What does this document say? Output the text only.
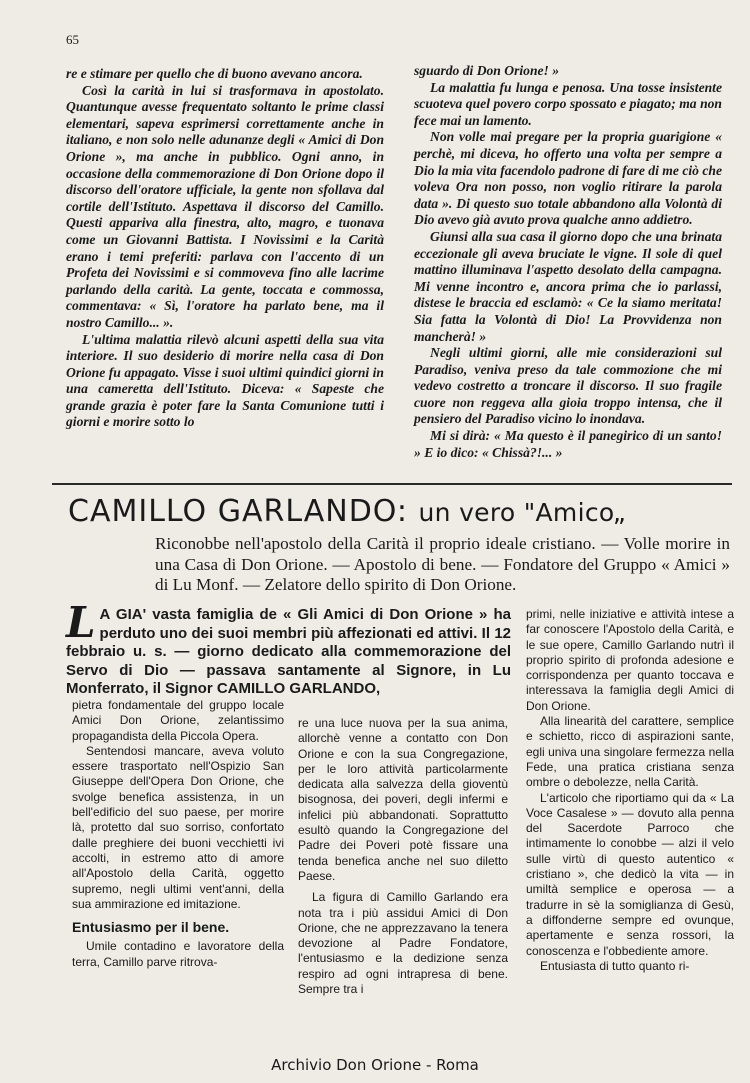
65

re e stimare per quello che di buono avevano ancora.

Così la carità in lui si trasformava in apostolato. Quantunque avesse frequentato soltanto le prime classi elementari, sapeva esprimersi correttamente anche in italiano, e non solo nelle adunanze degli « Amici di Don Orione », ma anche in pubblico. Ogni anno, in occasione della commemorazione di Don Orione dopo il discorso dell'oratore ufficiale, la gente non sfollava dal cortile dell'Istituto. Aspettava il discorso del Camillo. Questi appariva alla finestra, alto, magro, e tuonava come un Giovanni Battista. I Novissimi e la Carità erano i temi preferiti: parlava con l'accento di un Profeta dei Novissimi e si commoveva fino alle lacrime parlando della carità. La gente, toccata e commossa, commentava: « Sì, l'oratore ha parlato bene, ma il nostro Camillo... ».

L'ultima malattia rilevò alcuni aspetti della sua vita interiore. Il suo desiderio di morire nella casa di Don Orione fu appagato. Visse i suoi ultimi quindici giorni in una cameretta dell'Istituto. Diceva: « Sapeste che grande grazia è poter fare la Santa Comunione tutti i giorni e morire sotto lo

sguardo di Don Orione! »

La malattia fu lunga e penosa. Una tosse insistente scuoteva quel povero corpo spossato e piagato; ma non fece mai un lamento.

Non volle mai pregare per la propria guarigione « perchè, mi diceva, ho offerto una volta per sempre a Dio la mia vita facendolo padrone di fare di me ciò che voleva Ora non posso, non voglio ritirare la parola data ». Di questo suo totale abbandono alla Volontà di Dio avevo già avuto prova qualche anno addietro.

Giunsi alla sua casa il giorno dopo che una brinata eccezionale gli aveva bruciate le vigne. Il sole di quel mattino illuminava l'aspetto desolato della campagna. Mi venne incontro e, ancora prima che io parlassi, distese le braccia ed esclamò: « Ce la siamo meritata! Sia fatta la Volontà di Dio! La Provvidenza non mancherà! »

Negli ultimi giorni, alle mie considerazioni sul Paradiso, veniva preso da tale commozione che mi vedevo costretto a troncare il discorso. Il suo fragile cuore non reggeva alla gioia troppo intensa, che il pensiero del Paradiso vicino lo inondava.

Mi si dirà: « Ma questo è il panegirico di un santo! » E io dico: « Chissà?!... »

CAMILLO GARLANDO: un vero "Amico„
Riconobbe nell'apostolo della Carità il proprio ideale cristiano. — Volle morire in una Casa di Don Orione. — Apostolo di bene. — Fondatore del Gruppo « Amici » di Lu Monf. — Zelatore dello spirito di Don Orione.
L A GIA' vasta famiglia de « Gli Amici di Don Orione » ha perduto uno dei suoi membri più affezionati ed attivi. Il 12 febbraio u. s. — giorno dedicato alla commemorazione del Servo di Dio — passava santamente al Signore, in Lu Monferrato, il Signor CAMILLO GARLANDO,

pietra fondamentale del gruppo locale Amici Don Orione, zelantissimo propagandista della Piccola Opera.

Sentendosi mancare, aveva voluto essere trasportato nell'Ospizio San Giuseppe dell'Opera Don Orione, che svolge benefica assistenza, in un bell'edificio del suo paese, per morire là, protetto dal suo sorriso, confortato dalle preghiere dei buoni vecchietti ivi accolti, in estremo atto di amore all'Apostolo della Carità, oggetto supremo, negli ultimi vent'anni, della sua ammirazione ed imitazione.

Entusiasmo per il bene.

Umile contadino e lavoratore della terra, Camillo parve ritrova-

re una luce nuova per la sua anima, allorchè venne a contatto con Don Orione e con la sua Congregazione, per le loro attività particolarmente dedicata alla salvezza della gioventù bisognosa, dei poveri, degli infermi e infelici più abbandonati. Soprattutto esultò quando la Congregazione del Padre dei Poveri potè fissare una tenda benefica anche nel suo diletto Paese.

La figura di Camillo Garlando era nota tra i più assidui Amici di Don Orione, che ne apprezzavano la tenera devozione al Padre Fondatore, l'entusiasmo e la dedizione senza respiro ad ogni intrapresa di bene. Sempre tra i

primi, nelle iniziative e attività intese a far conoscere l'Apostolo della Carità, e le sue opere, Camillo Garlando nutrì il proprio spirito di profonda adesione e corrispondenza per quanto toccava e interessava la famiglia degli Amici di Don Orione.

Alla linearità del carattere, semplice e schietto, ricco di aspirazioni sante, egli univa una singolare fermezza nella Fede, una pratica cristiana senza ombre o debolezze, nella Carità.

L'articolo che riportiamo qui da « La Voce Casalese » — dovuto alla penna del Sacerdote Parroco che intimamente lo conobbe — alzi il velo sulle virtù di questo autentico « cristiano », che dedicò la vita — in umiltà semplice e operosa — a tradurre in sè la somiglianza di Gesù, a diffonderne sempre ed ovunque, apertamente e senza rossori, la conoscenza e l'obbediente amore.

Entusiasta di tutto quanto ri-

Archivio Don Orione - Roma
